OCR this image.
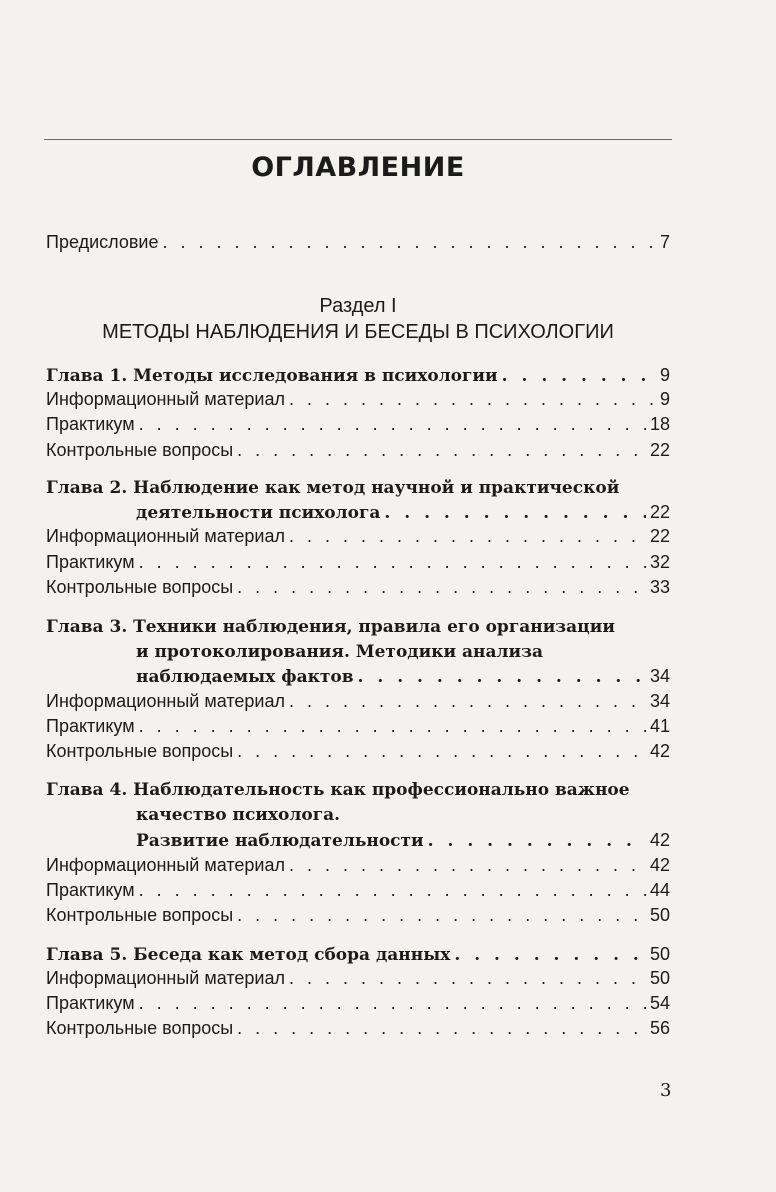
ОГЛАВЛЕНИЕ
Предисловие . . .	7
Раздел I
МЕТОДЫ НАБЛЮДЕНИЯ И БЕСЕДЫ В ПСИХОЛОГИИ
Глава 1. Методы исследования в психологии . . .	9
Информационный материал . . .	9
Практикум . . .	18
Контрольные вопросы . . .	22
Глава 2. Наблюдение как метод научной и практической
деятельности психолога . . .	22
Информационный материал . . .	22
Практикум . . .	32
Контрольные вопросы . . .	33
Глава 3. Техники наблюдения, правила его организации
и протоколирования. Методики анализа
наблюдаемых фактов . . .	34
Информационный материал . . .	34
Практикум . . .	41
Контрольные вопросы . . .	42
Глава 4. Наблюдательность как профессионально важное
качество психолога.
Развитие наблюдательности . . .	42
Информационный материал . . .	42
Практикум . . .	44
Контрольные вопросы . . .	50
Глава 5. Беседа как метод сбора данных . . .	50
Информационный материал . . .	50
Практикум . . .	54
Контрольные вопросы . . .	56
3
